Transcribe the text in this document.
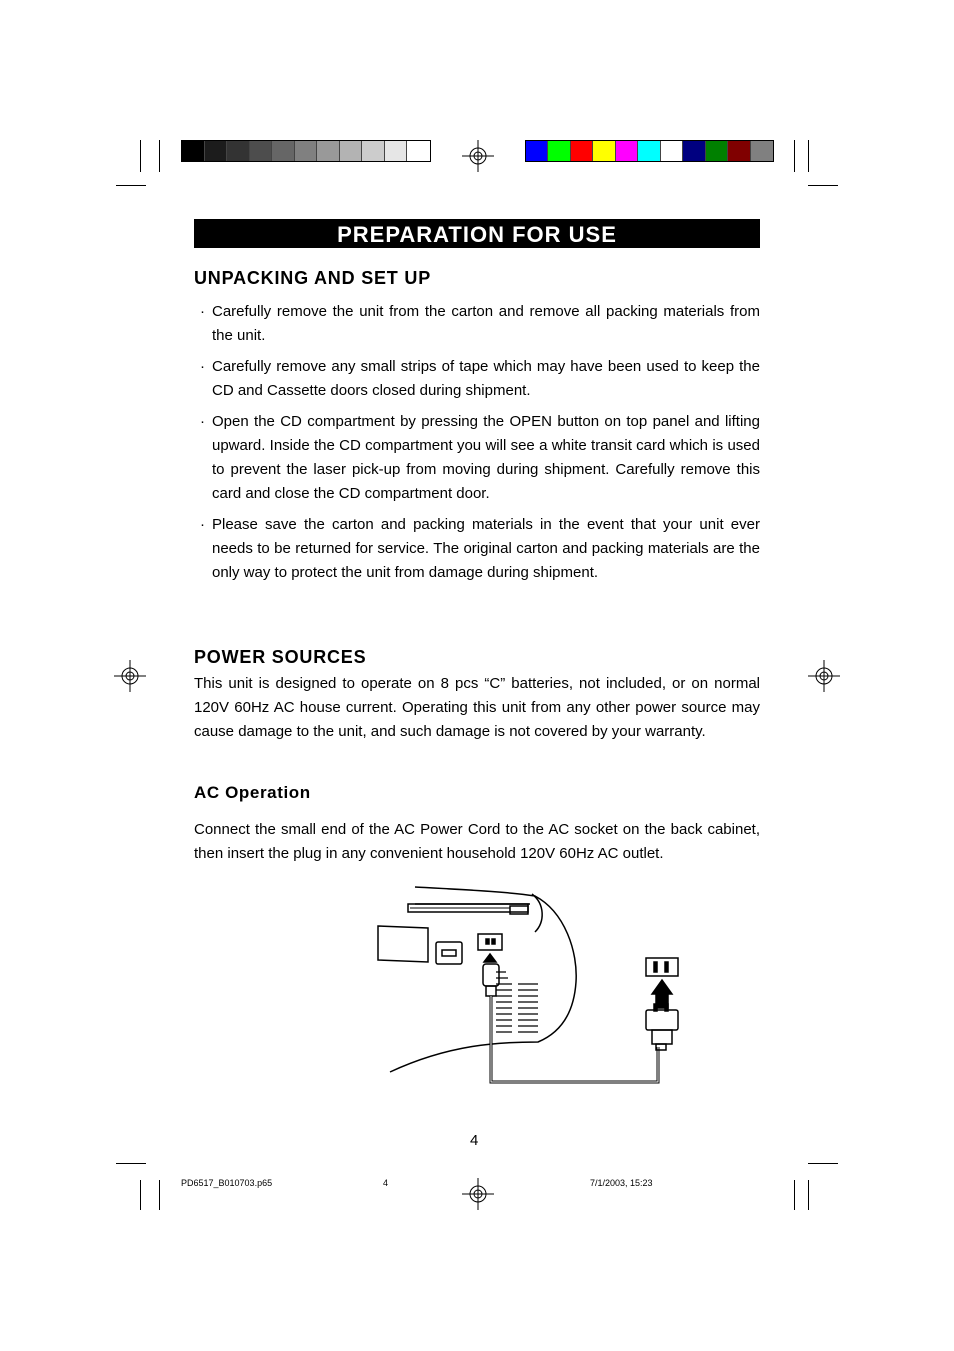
PREPARATION FOR USE
UNPACKING AND SET UP
· Carefully remove the unit from the carton and remove all packing materials from the unit.
· Carefully remove any small strips of tape which may have been used to keep the CD and Cassette doors closed during shipment.
· Open the CD compartment by pressing the OPEN button on top panel and lifting upward. Inside the CD compartment you will see a white transit card which is used to prevent the laser pick-up from moving during shipment. Carefully remove this card and close the CD compartment door.
· Please save the carton and packing materials in the event that your unit ever needs to be returned for service. The original carton and packing materials are the only way to protect the unit from damage during shipment.
POWER SOURCES

This unit is designed to operate on 8 pcs “C” batteries, not included, or on normal 120V 60Hz AC house current. Operating this unit from any other power source may cause damage to the unit, and such damage is not covered by your warranty.

AC Operation

Connect the small end of the AC Power Cord to the AC socket on the back cabinet, then insert the plug in any convenient household 120V 60Hz AC outlet.

4
PD6517_B010703.p65	4	7/1/2003, 15:23
